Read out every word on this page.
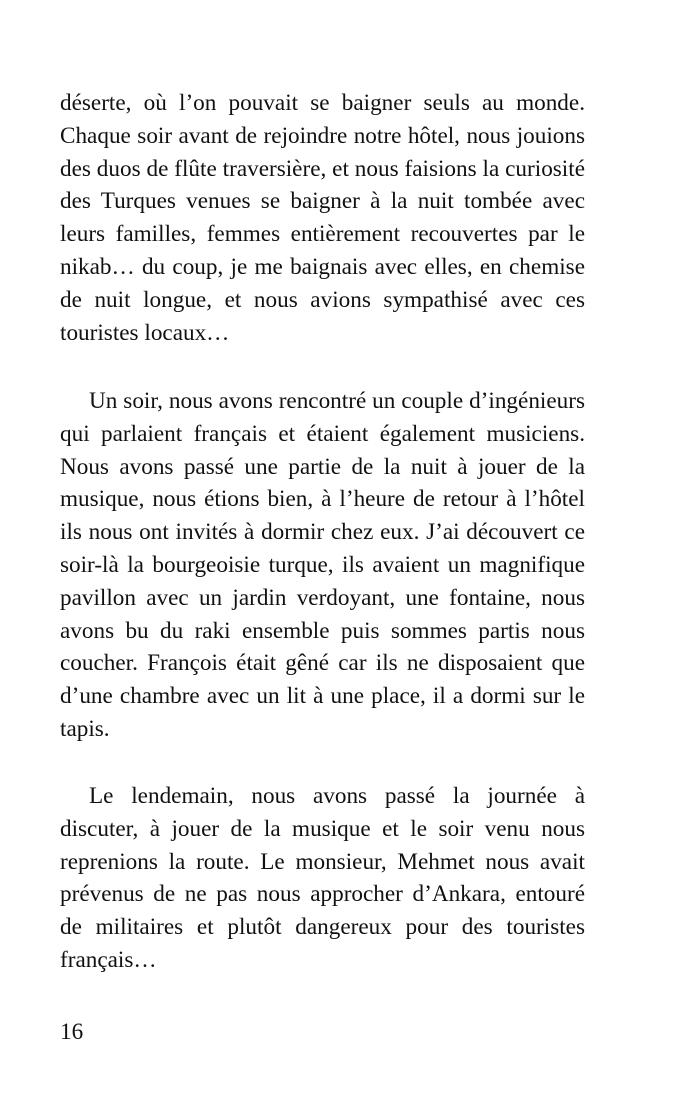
déserte, où l’on pouvait se baigner seuls au monde. Chaque soir avant de rejoindre notre hôtel, nous jouions des duos de flûte traversière, et nous faisions la curiosité des Turques venues se baigner à la nuit tombée avec leurs familles, femmes entièrement recouvertes par le nikab… du coup, je me baignais avec elles, en chemise de nuit longue, et nous avions sympathisé avec ces touristes locaux…

Un soir, nous avons rencontré un couple d’ingénieurs qui parlaient français et étaient également musiciens. Nous avons passé une partie de la nuit à jouer de la musique, nous étions bien, à l’heure de retour à l’hôtel ils nous ont invités à dormir chez eux. J’ai découvert ce soir-là la bourgeoisie turque, ils avaient un magnifique pavillon avec un jardin verdoyant, une fontaine, nous avons bu du raki ensemble puis sommes partis nous coucher. François était gêné car ils ne disposaient que d’une chambre avec un lit à une place, il a dormi sur le tapis.

Le lendemain, nous avons passé la journée à discuter, à jouer de la musique et le soir venu nous reprenions la route. Le monsieur, Mehmet nous avait prévenus de ne pas nous approcher d’Ankara, entouré de militaires et plutôt dangereux pour des touristes français…

16
